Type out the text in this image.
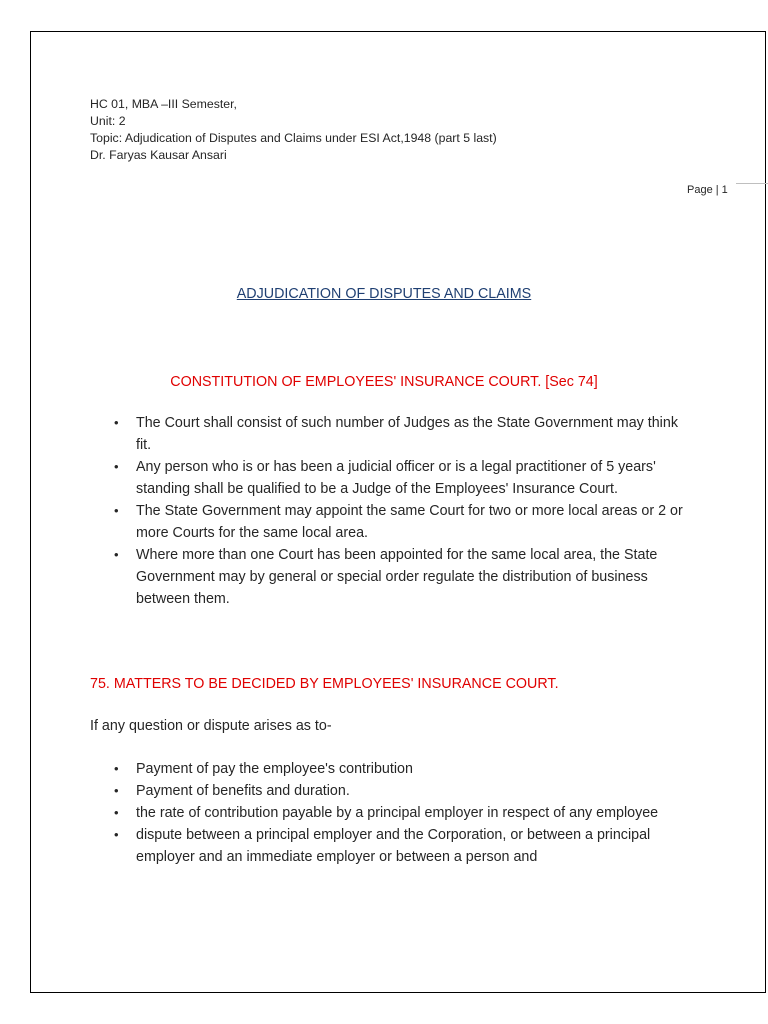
HC 01, MBA –III Semester,
Unit: 2
Topic: Adjudication of Disputes and Claims under ESI Act,1948 (part 5 last)
Dr. Faryas Kausar Ansari
Page | 1
ADJUDICATION OF DISPUTES AND CLAIMS
CONSTITUTION OF EMPLOYEES' INSURANCE COURT. [Sec 74]
• The Court shall consist of such number of Judges as the State Government may think fit.
• Any person who is or has been a judicial officer or is a legal practitioner of 5 years' standing shall be qualified to be a Judge of the Employees' Insurance Court.
• The State Government may appoint the same Court for two or more local areas or 2 or more Courts for the same local area.
• Where more than one Court has been appointed for the same local area, the State Government may by general or special order regulate the distribution of business between them.
75. MATTERS TO BE DECIDED BY EMPLOYEES' INSURANCE COURT.
If any question or dispute arises as to-
• Payment of pay the employee's contribution
• Payment of benefits and duration.
• the rate of contribution payable by a principal employer in respect of any employee
• dispute between a principal employer and the Corporation, or between a principal employer and an immediate employer or between a person and
